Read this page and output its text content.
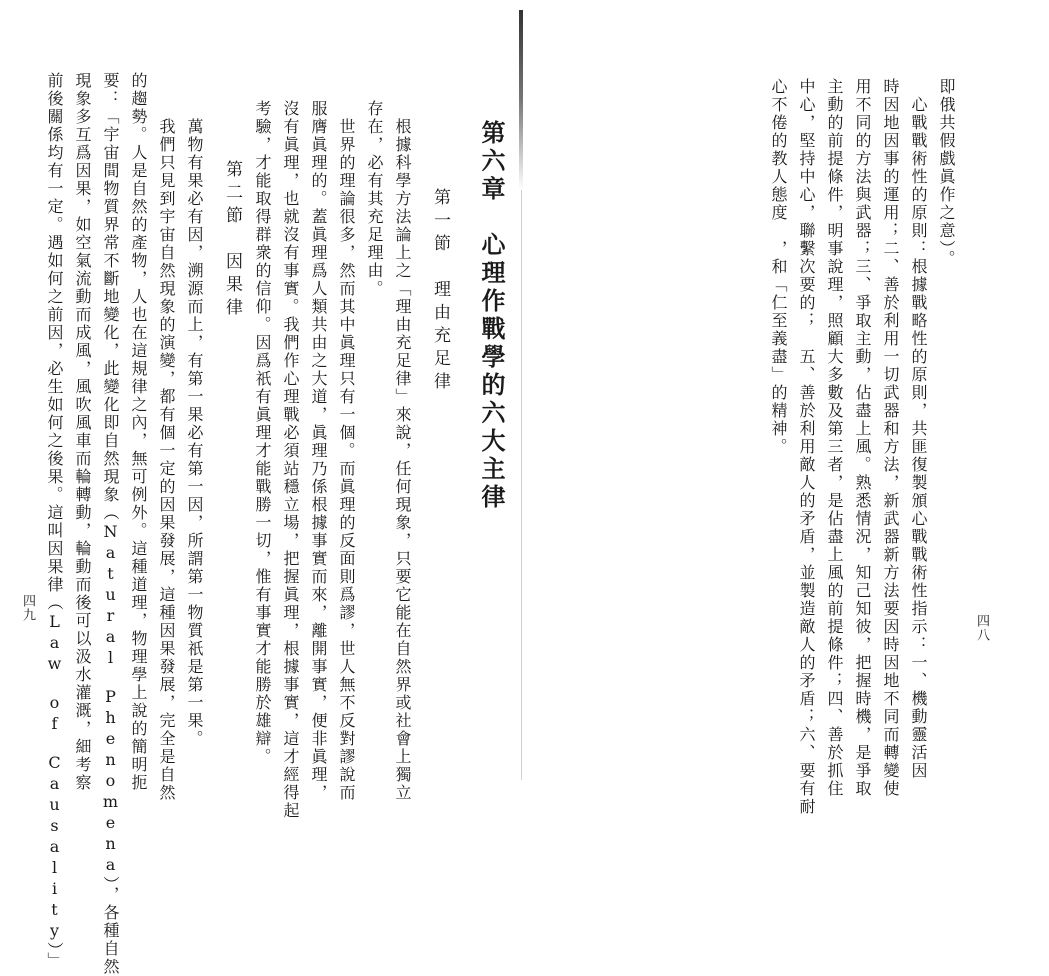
四八
即俄共假戲眞作之意）。
　心戰戰術性的原則：根據戰略性的原則，共匪復製頒心戰戰術性指示：一、機動靈活因
時因地因事的運用；二、善於利用一切武器和方法，新武器新方法要因時因地不同而轉變使
用不同的方法與武器；三、爭取主動，佔盡上風。熟悉情況，知己知彼，把握時機，是爭取
主動的前提條件，明事說理，照顧大多數及第三者，是佔盡上風的前提條件；四、善於抓住
中心，堅持中心，聯繫次要的；　五、善於利用敵人的矛盾，並製造敵人的矛盾；六、要有耐
心不倦的教人態度　，和「仁至義盡」的精神。
第六章　心理作戰學的六大主律
第一節　理由充足律
　根據科學方法論上之「理由充足律」來說，任何現象，只要它能在自然界或社會上獨立
存在，必有其充足理由。
　世界的理論很多，然而其中眞理只有一個。而眞理的反面則爲謬，世人無不反對謬說而
服膺眞理的。蓋眞理爲人類共由之大道，眞理乃係根據事實而來，離開事實，便非眞理，
沒有眞理，也就沒有事實。我們作心理戰必須站穩立場，把握眞理，根據事實，這才經得起
考驗，才能取得群衆的信仰。因爲祇有眞理才能戰勝一切，惟有事實才能勝於雄辯。
第二節　因果律
　萬物有果必有因，溯源而上，有第一果必有第一因，所謂第一物質祇是第一果。
　我們只見到宇宙自然現象的演變，都有個一定的因果發展，這種因果發展，完全是自然
的趨勢。人是自然的產物，人也在這規律之內，無可例外。這種道理，物理學上說的簡明扼
要：「宇宙間物質界常不斷地變化，此變化即自然現象（Natural　Phenomena），各種自然
現象多互爲因果，如空氣流動而成風，風吹風車而輪轉動，輪動而後可以汲水灌溉，細考察
前後關係均有一定。遇如何之前因，必生如何之後果。這叫因果律（Law　of　Causality）」
四九
